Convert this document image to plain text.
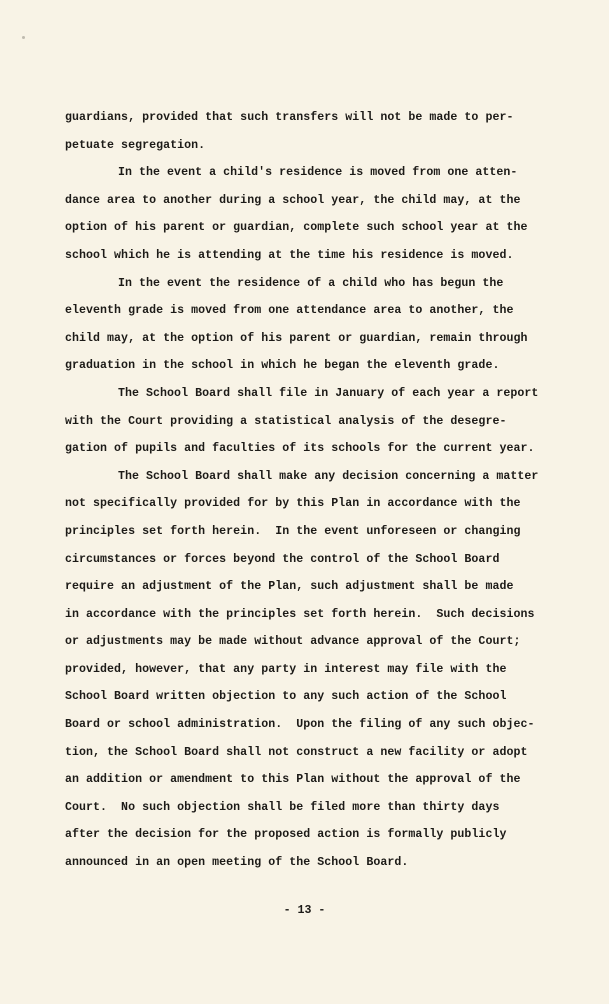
guardians, provided that such transfers will not be made to per-
petuate segregation.
In the event a child's residence is moved from one atten-
dance area to another during a school year, the child may, at the
option of his parent or guardian, complete such school year at the
school which he is attending at the time his residence is moved.
In the event the residence of a child who has begun the
eleventh grade is moved from one attendance area to another, the
child may, at the option of his parent or guardian, remain through
graduation in the school in which he began the eleventh grade.
The School Board shall file in January of each year a report
with the Court providing a statistical analysis of the desegre-
gation of pupils and faculties of its schools for the current year.
The School Board shall make any decision concerning a matter
not specifically provided for by this Plan in accordance with the
principles set forth herein.  In the event unforeseen or changing
circumstances or forces beyond the control of the School Board
require an adjustment of the Plan, such adjustment shall be made
in accordance with the principles set forth herein.  Such decisions
or adjustments may be made without advance approval of the Court;
provided, however, that any party in interest may file with the
School Board written objection to any such action of the School
Board or school administration.  Upon the filing of any such objec-
tion, the School Board shall not construct a new facility or adopt
an addition or amendment to this Plan without the approval of the
Court.  No such objection shall be filed more than thirty days
after the decision for the proposed action is formally publicly
announced in an open meeting of the School Board.
- 13 -
